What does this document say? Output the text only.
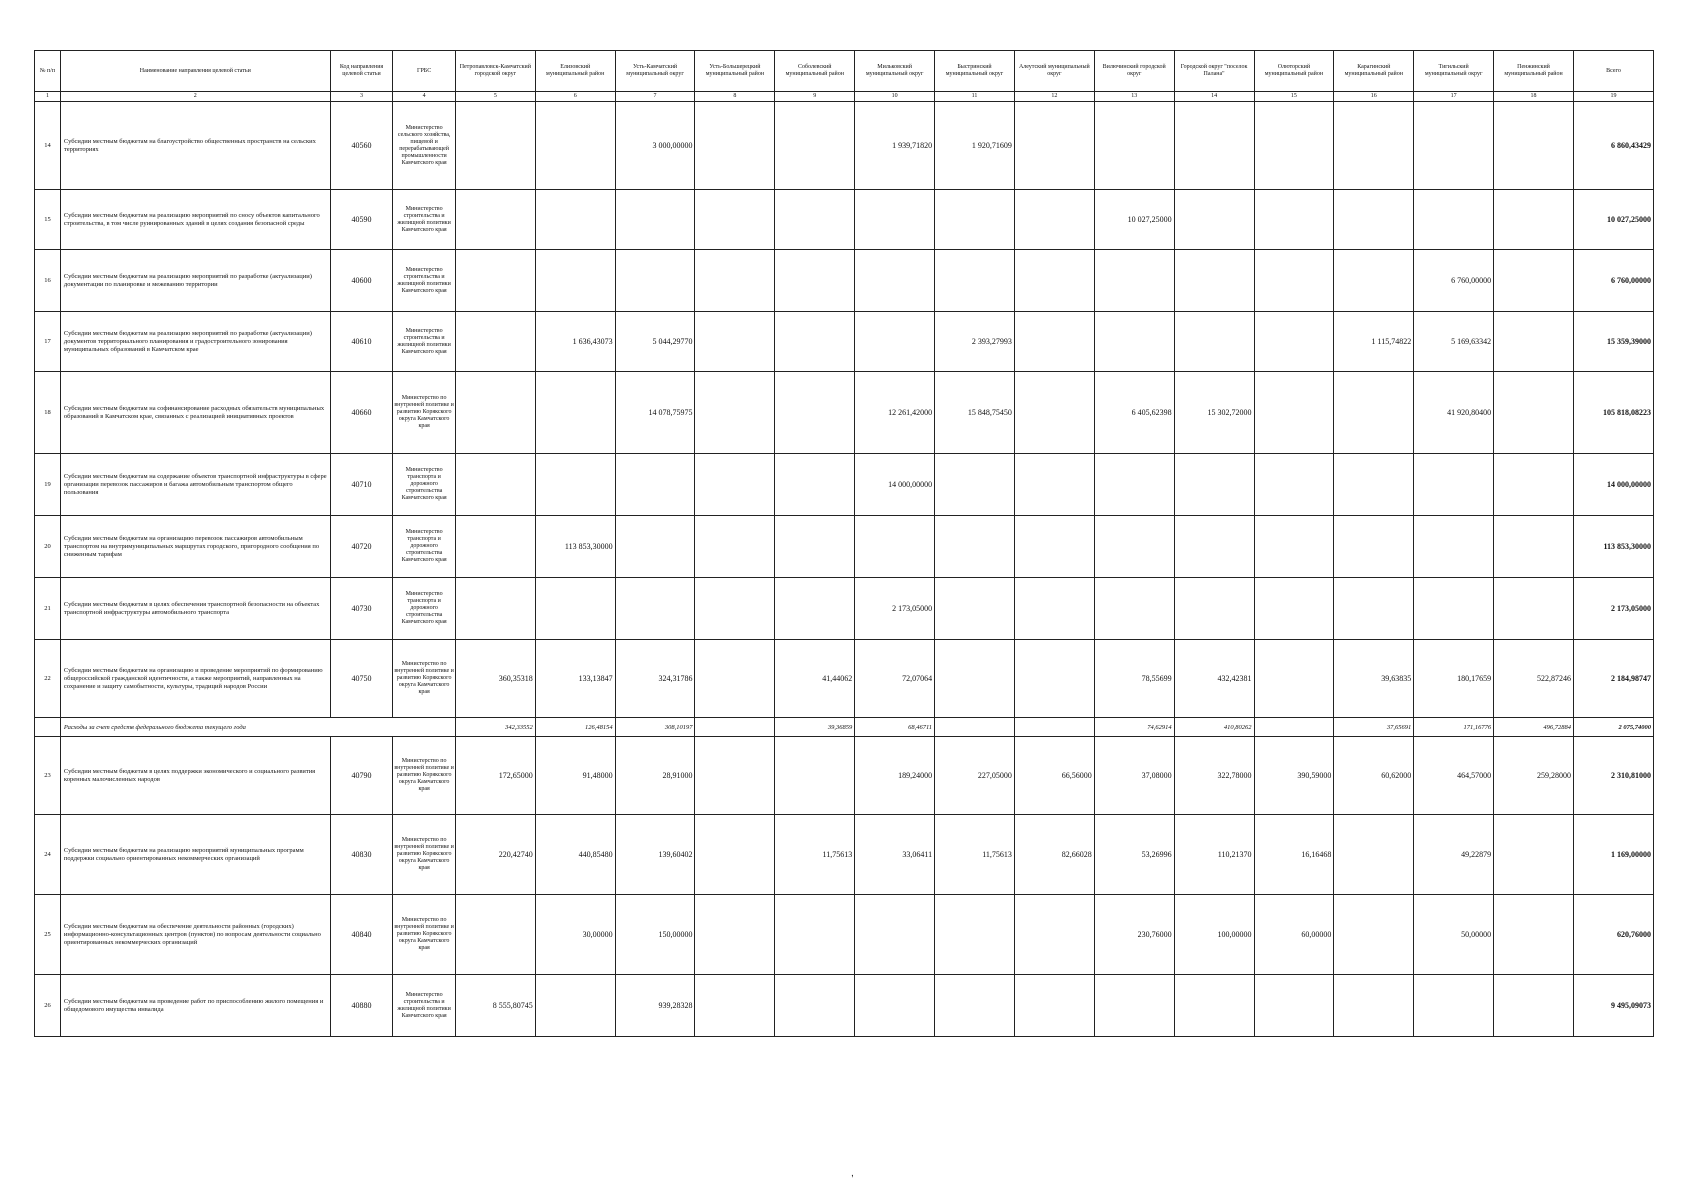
№ п/п	Наименование направления целевой статьи	Код направления целевой статьи	ГРБС	Петропавловск-Камчатский городской округ	Елизовский муниципальный район	Усть-Камчатский муниципальный округ	Усть-Большерецкий муниципальный район	Соболевский муниципальный район	Мильковский муниципальный округ	Быстринский муниципальный округ	Алеутский муниципальный округ	Вилючинский городской округ	Городской округ "поселок Палана"	Олюторский муниципальный район	Карагинский муниципальный район	Тигильский муниципальный округ	Пенжинский муниципальный район	Всего
1	2	3	4	5	6	7	8	9	10	11	12	13	14	15	16	17	18	19
14	Субсидии местным бюджетам на благоустройство общественных пространств на сельских территориях	40560	Министерство сельского хозяйства, пищевой и перерабатывающей промышленности Камчатского края			3 000,00000			1 939,71820	1 920,71609								6 860,43429
15	Субсидии местным бюджетам на реализацию мероприятий по сносу объектов капитального строительства, в том числе руинированных зданий в целях создания безопасной среды	40590	Министерство строительства и жилищной политики Камчатского края									10 027,25000						10 027,25000
16	Субсидии местным бюджетам на реализацию мероприятий по разработке (актуализации) документации по планировке и межеванию территории	40600	Министерство строительства и жилищной политики Камчатского края													6 760,00000		6 760,00000
17	Субсидии местным бюджетам на реализацию мероприятий по разработке (актуализации) документов территориального планирования и градостроительного зонирования муниципальных образований в Камчатском крае	40610	Министерство строительства и жилищной политики Камчатского края		1 636,43073	5 044,29770				2 393,27993					1 115,74822	5 169,63342		15 359,39000
18	Субсидии местным бюджетам на софинансирование расходных обязательств муниципальных образований в Камчатском крае, связанных с реализацией инициативных проектов	40660	Министерство по внутренней политике и развитию Корякского округа Камчатского края			14 078,75975			12 261,42000	15 848,75450		6 405,62398	15 302,72000			41 920,80400		105 818,08223
19	Субсидии местным бюджетам на содержание объектов транспортной инфраструктуры в сфере организации перевозок пассажиров и багажа автомобильным транспортом общего пользования	40710	Министерство транспорта и дорожного строительства Камчатского края						14 000,00000									14 000,00000
20	Субсидии местным бюджетам на организацию перевозок пассажиров автомобильным транспортом на внутримуниципальных маршрутах городского, пригородного сообщения по сниженным тарифам	40720	Министерство транспорта и дорожного строительства Камчатского края		113 853,30000													113 853,30000
21	Субсидии местным бюджетам в целях обеспечения транспортной безопасности на объектах транспортной инфраструктуры автомобильного транспорта	40730	Министерство транспорта и дорожного строительства Камчатского края						2 173,05000									2 173,05000
22	Субсидии местным бюджетам на организацию и проведение мероприятий по формированию общероссийской гражданской идентичности, а также мероприятий, направленных на сохранение и защиту самобытности, культуры, традиций народов России	40750	Министерство по внутренней политике и развитию Корякского округа Камчатского края	360,35318	133,13847	324,31786		41,44062	72,07064			78,55699	432,42381		39,63835	180,17659	522,87246	2 184,98747
	Расходы за счет средств федерального бюджета текущего года			342,33552	126,48154	308,10197		39,36859	68,46711			74,62914	410,80262		37,65691	171,16776	496,72884	2 075,74000
23	Субсидии местным бюджетам в целях поддержки экономического и социального развития коренных малочисленных народов	40790	Министерство по внутренней политике и развитию Корякского округа Камчатского края	172,65000	91,48000	28,91000			189,24000	227,05000	66,56000	37,08000	322,78000	390,59000	60,62000	464,57000	259,28000	2 310,81000
24	Субсидии местным бюджетам на реализацию мероприятий муниципальных программ поддержки социально ориентированных некоммерческих организаций	40830	Министерство по внутренней политике и развитию Корякского округа Камчатского края	220,42740	440,85480	139,60402		11,75613	33,06411	11,75613	82,66028	53,26996	110,21370	16,16468		49,22879		1 169,00000
25	Субсидии местным бюджетам на обеспечение деятельности районных (городских) информационно-консультационных центров (пунктов) по вопросам деятельности социально ориентированных некоммерческих организаций	40840	Министерство по внутренней политике и развитию Корякского округа Камчатского края		30,00000	150,00000						230,76000	100,00000	60,00000		50,00000		620,76000
26	Субсидии местным бюджетам на проведение работ по приспособлению жилого помещения и общедомового имущества инвалида	40880	Министерство строительства и жилищной политики Камчатского края	8 555,80745		939,28328												9 495,09073
,
